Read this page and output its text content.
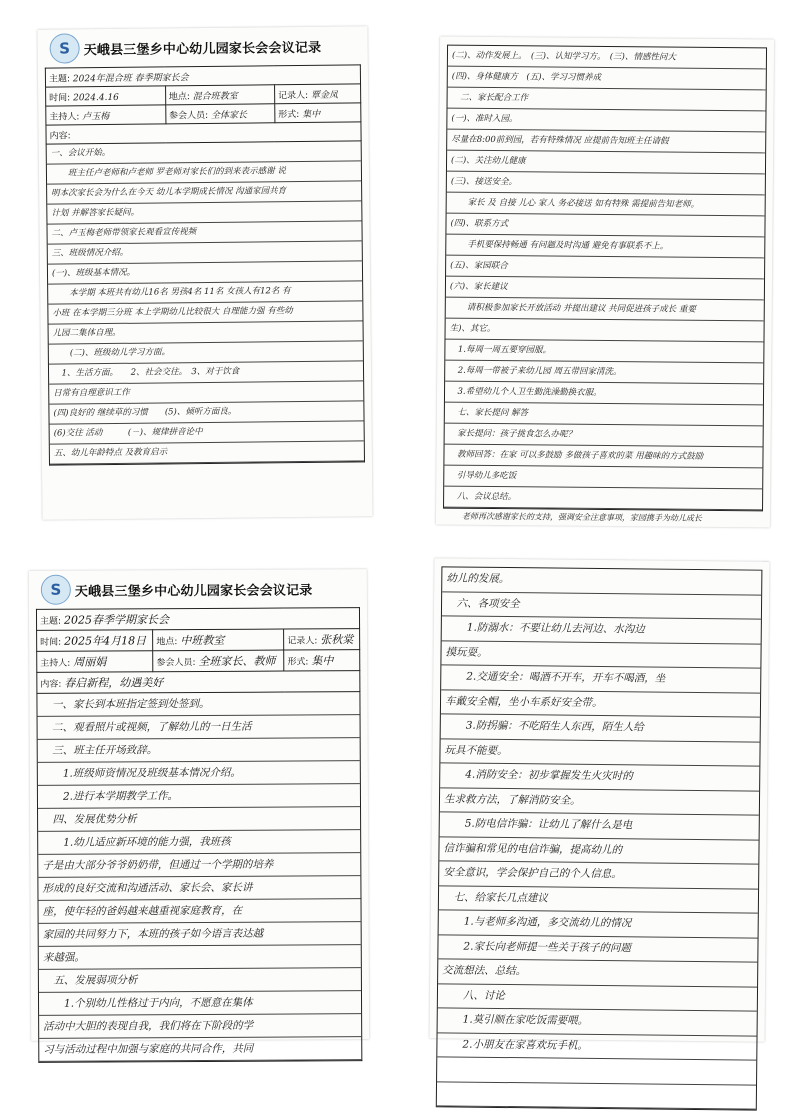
S 天峨县三堡乡中心幼儿园家长会会议记录
主题: 2024年混合班 春季期家长会		
时间: 2024.4.16	地点: 混合班教室	记录人: 覃金凤
主持人: 卢玉梅	参会人员: 全体家长	形式: 集中
内容:		
一、会议开始。
　　班主任卢老师和卢老师 罗老师对家长们的到来表示感谢 说
明本次家长会为什么在今天 幼儿本学期成长情况 沟通家园共育
计划 并解答家长疑问。
二、卢玉梅老师带领家长观看宣传视频
三、班级情况介绍。
(一)、班级基本情况。
　　本学期 本班共有幼儿16名 男孩4名 11名 女孩人有12名 有
小班 在本学期三分班 本上学期幼儿比较很大 自理能力强 有些幼
儿园二集体自理。
　　(二)、班级幼儿学习方面。
　1、生活方面。　　2、社会交往。　3、对于饮食
日常有自理意识工作
(四)良好的 继续草的习惯　　(5)、倾听方面良。
(6)交往 活动　　　(ㄧ)、规律拼音论中
五、幼儿年龄特点 及教育启示
(二)、动作发展上。　(三)、认知学习方。　(三)、情感性问大
(四)、身体健康方　(五)、学习习惯养成
　二、家长配合工作
(一)、准时入园。
尽量在8:00前到园，若有特殊情况 应提前告知班主任请假
(二)、关注幼儿健康
(三)、接送安全。
　　家长 及 自接 儿心 家人 务必接送 如有特殊 需提前告知老师。
(四)、联系方式
　　手机要保持畅通 有问题及时沟通 避免有事联系不上。
(五)、家园联合
(六)、家长建议
　　请积极参加家长开放活动 并提出建议 共同促进孩子成长 重要
生)、其它。
　1.每周一周五要穿园服。
　2.每周一带被子来幼儿园 周五带回家清洗。
　3.希望幼儿个人卫生勤洗澡勤换衣服。
　七、家长提问 解答
　家长提问：孩子挑食怎么办呢？
　教师回答：在家 可以多鼓励 多做孩子喜欢的菜 用趣味的方式鼓励
　引导幼儿多吃饭
　八、会议总结。
　　老师再次感谢家长的支持，强调安全注意事项，家园携手为幼儿成长
S 天峨县三堡乡中心幼儿园家长会会议记录
主题: 2025春季学期家长会		
时间: 2025年4月18日	地点: 中班教室	记录人: 张秋棠
主持人: 周丽娟	参会人员: 全班家长、教师	形式: 集中
内容: 春启新程，幼遇美好		
　一、家长到本班指定签到处签到。
　二、观看照片或视频，了解幼儿的一日生活
　三、班主任开场致辞。
　　1.班级师资情况及班级基本情况介绍。
　　2.进行本学期教学工作。
　四、发展优势分析
　　1.幼儿适应新环境的能力强，我班孩
子是由大部分爷爷奶奶带，但通过一个学期的培养
形成的良好交流和沟通活动、家长会、家长讲
座，使年轻的爸妈越来越重视家庭教育，在
家园的共同努力下，本班的孩子如今语言表达越
来越强。
　五、发展弱项分析
　　1.个别幼儿性格过于内向，不愿意在集体
活动中大胆的表现自我，我们将在下阶段的学
习与活动过程中加强与家庭的共同合作，共同
幼儿的发展。
　六、各项安全
　　1.防溺水：不要让幼儿去河边、水沟边
摸玩耍。
　　2.交通安全：喝酒不开车，开车不喝酒，坐
车戴安全帽，坐小车系好安全带。
　　3.防拐骗：不吃陌生人东西，陌生人给
玩具不能要。
　　4.消防安全：初步掌握发生火灾时的
生求救方法，了解消防安全。
　　5.防电信诈骗：让幼儿了解什么是电
信诈骗和常见的电信诈骗，提高幼儿的
安全意识，学会保护自己的个人信息。
　七、给家长几点建议
　　1.与老师多沟通，多交流幼儿的情况
　　2.家长向老师提一些关于孩子的问题
交流想法、总结。
　　八、讨论
　　1.莫引顺在家吃饭需要喂。
　　2.小朋友在家喜欢玩手机。
